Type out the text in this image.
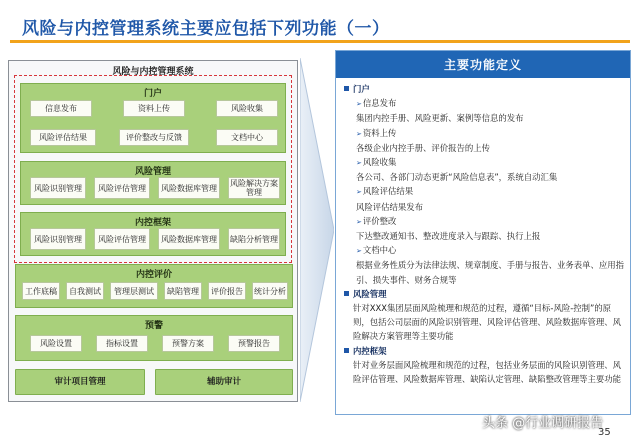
风险与内控管理系统主要应包括下列功能（一）
风险与内控管理系统
门户
信息发布	资料上传	风险收集
风险评估结果	评价整改与反馈	文档中心
风险管理
风险识别管理	风险评估管理	风险数据库管理	风险解决方案管理
内控框架
风险识别管理	风险评估管理	风险数据库管理	缺陷分析管理
内控评价
工作底稿	自我测试	管理层测试	缺陷管理	评价报告	统计分析
预警
风险设置	指标设置	预警方案	预警报告
审计项目管理	辅助审计
主要功能定义
门户
➢信息发布
集团内控手册、风险更新、案例等信息的发布
➢资料上传
各级企业内控手册、评价报告的上传
➢风险收集
各公司、各部门动态更新“风险信息表”，系统自动汇集
➢风险评估结果
风险评估结果发布
➢评价整改
下达整改通知书、整改进度录入与跟踪、执行上报
➢文档中心
根据业务性质分为法律法规、规章制度、手册与报告、业务表单、应用指引、损失事件、财务合规等
风险管理
针对XXX集团层面风险梳理和规范的过程，遵循“目标-风险-控制”的原则，包括公司层面的风险识别管理、风险评估管理、风险数据库管理、风险解决方案管理等主要功能
内控框架
针对业务层面风险梳理和规范的过程，包括业务层面的风险识别管理、风险评估管理、风险数据库管理、缺陷认定管理、缺陷整改管理等主要功能
头条 @行业调研报告
35
